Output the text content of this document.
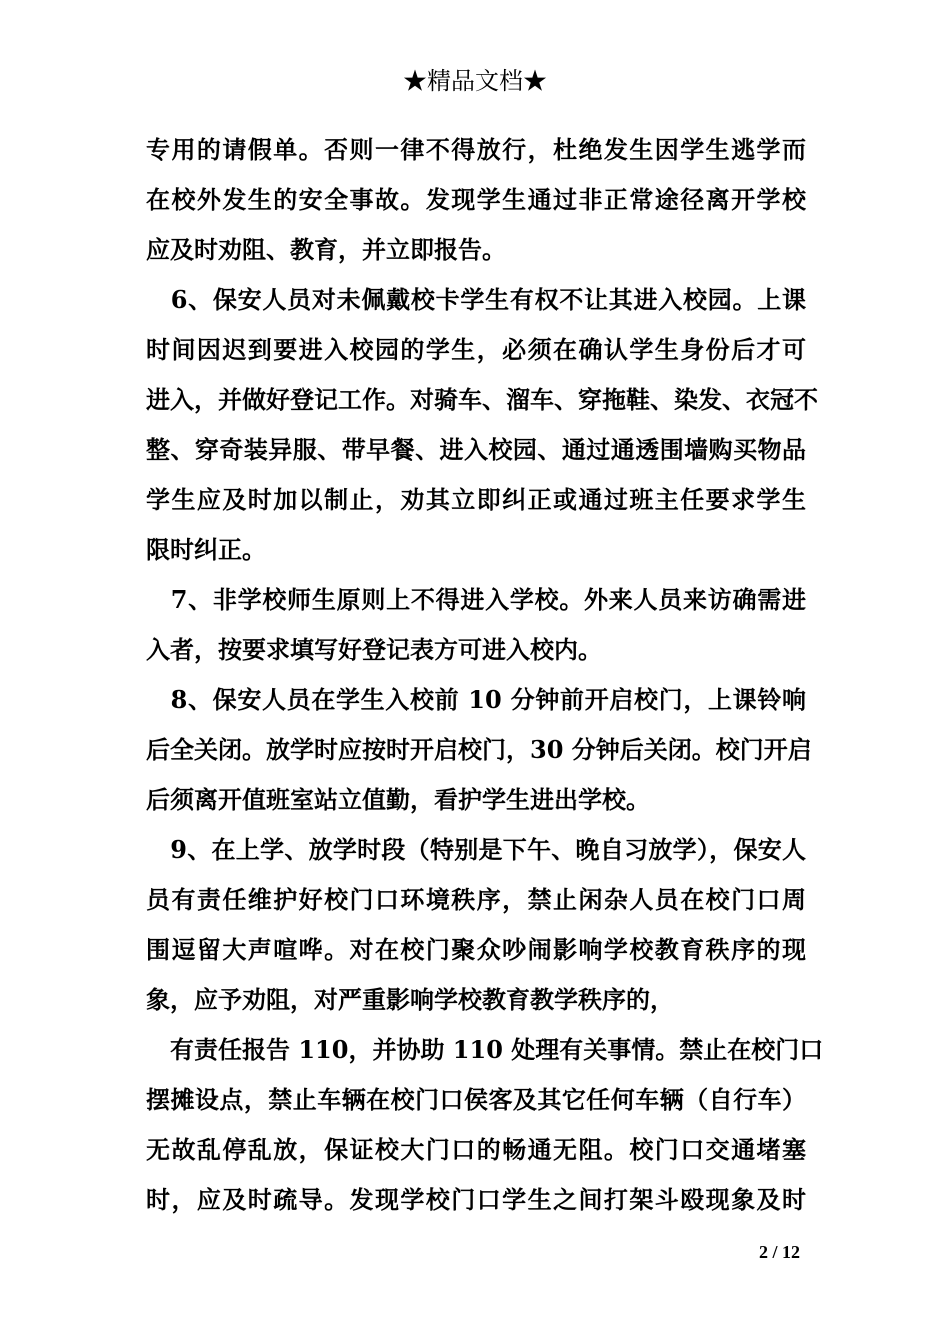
★精品文档★
专用的请假单。否则一律不得放行，杜绝发生因学生逃学而
在校外发生的安全事故。发现学生通过非正常途径离开学校
应及时劝阻、教育，并立即报告。
　6、保安人员对未佩戴校卡学生有权不让其进入校园。上课
时间因迟到要进入校园的学生，必须在确认学生身份后才可
进入，并做好登记工作。对骑车、溜车、穿拖鞋、染发、衣冠不
整、穿奇装异服、带早餐、进入校园、通过通透围墙购买物品
学生应及时加以制止，劝其立即纠正或通过班主任要求学生
限时纠正。
　7、非学校师生原则上不得进入学校。外来人员来访确需进
入者，按要求填写好登记表方可进入校内。
　8、保安人员在学生入校前 10 分钟前开启校门，上课铃响
后全关闭。放学时应按时开启校门，30 分钟后关闭。校门开启
后须离开值班室站立值勤，看护学生进出学校。
　9、在上学、放学时段（特别是下午、晚自习放学），保安人
员有责任维护好校门口环境秩序，禁止闲杂人员在校门口周
围逗留大声喧哗。对在校门聚众吵闹影响学校教育秩序的现
象，应予劝阻，对严重影响学校教育教学秩序的，
　有责任报告 110，并协助 110 处理有关事情。禁止在校门口
摆摊设点，禁止车辆在校门口侯客及其它任何车辆（自行车）
无故乱停乱放，保证校大门口的畅通无阻。校门口交通堵塞
时，应及时疏导。发现学校门口学生之间打架斗殴现象及时
2 / 12
